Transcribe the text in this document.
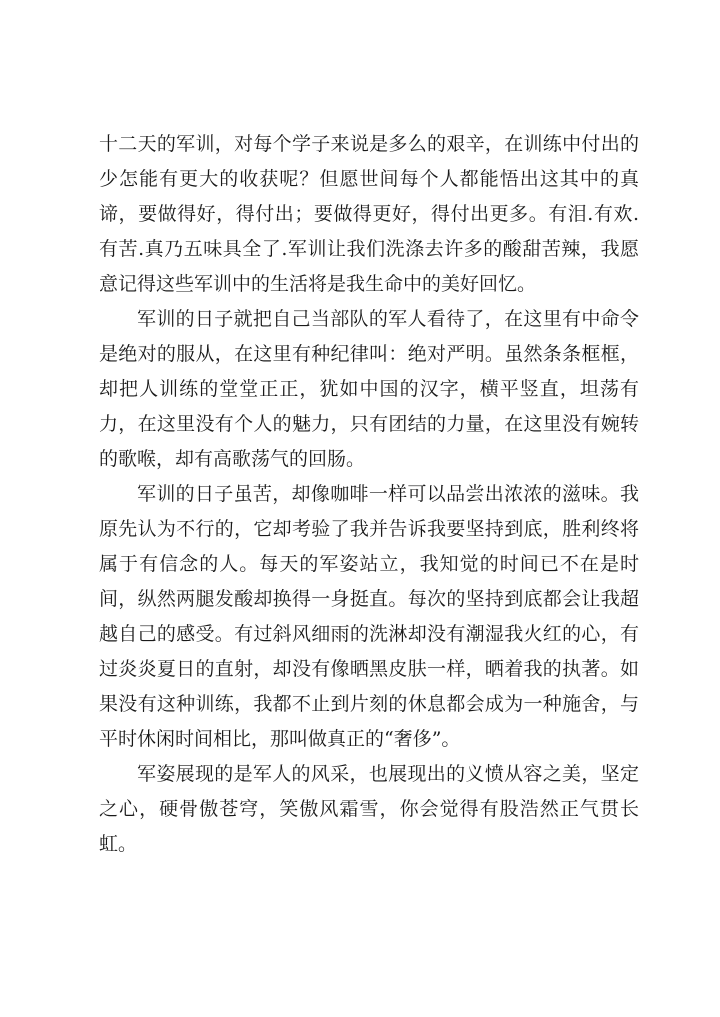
十二天的军训，对每个学子来说是多么的艰辛，在训练中付出的少怎能有更大的收获呢？但愿世间每个人都能悟出这其中的真谛，要做得好，得付出；要做得更好，得付出更多。有泪.有欢.有苦.真乃五味具全了.军训让我们洗涤去许多的酸甜苦辣，我愿意记得这些军训中的生活将是我生命中的美好回忆。

军训的日子就把自己当部队的军人看待了，在这里有中命令是绝对的服从，在这里有种纪律叫：绝对严明。虽然条条框框，却把人训练的堂堂正正，犹如中国的汉字，横平竖直，坦荡有力，在这里没有个人的魅力，只有团结的力量，在这里没有婉转的歌喉，却有高歌荡气的回肠。

军训的日子虽苦，却像咖啡一样可以品尝出浓浓的滋味。我原先认为不行的，它却考验了我并告诉我要坚持到底，胜利终将属于有信念的人。每天的军姿站立，我知觉的时间已不在是时间，纵然两腿发酸却换得一身挺直。每次的坚持到底都会让我超越自己的感受。有过斜风细雨的洗淋却没有潮湿我火红的心，有过炎炎夏日的直射，却没有像晒黑皮肤一样，晒着我的执著。如果没有这种训练，我都不止到片刻的休息都会成为一种施舍，与平时休闲时间相比，那叫做真正的“奢侈”。

军姿展现的是军人的风采，也展现出的义愤从容之美，坚定之心，硬骨傲苍穹，笑傲风霜雪，你会觉得有股浩然正气贯长虹。
